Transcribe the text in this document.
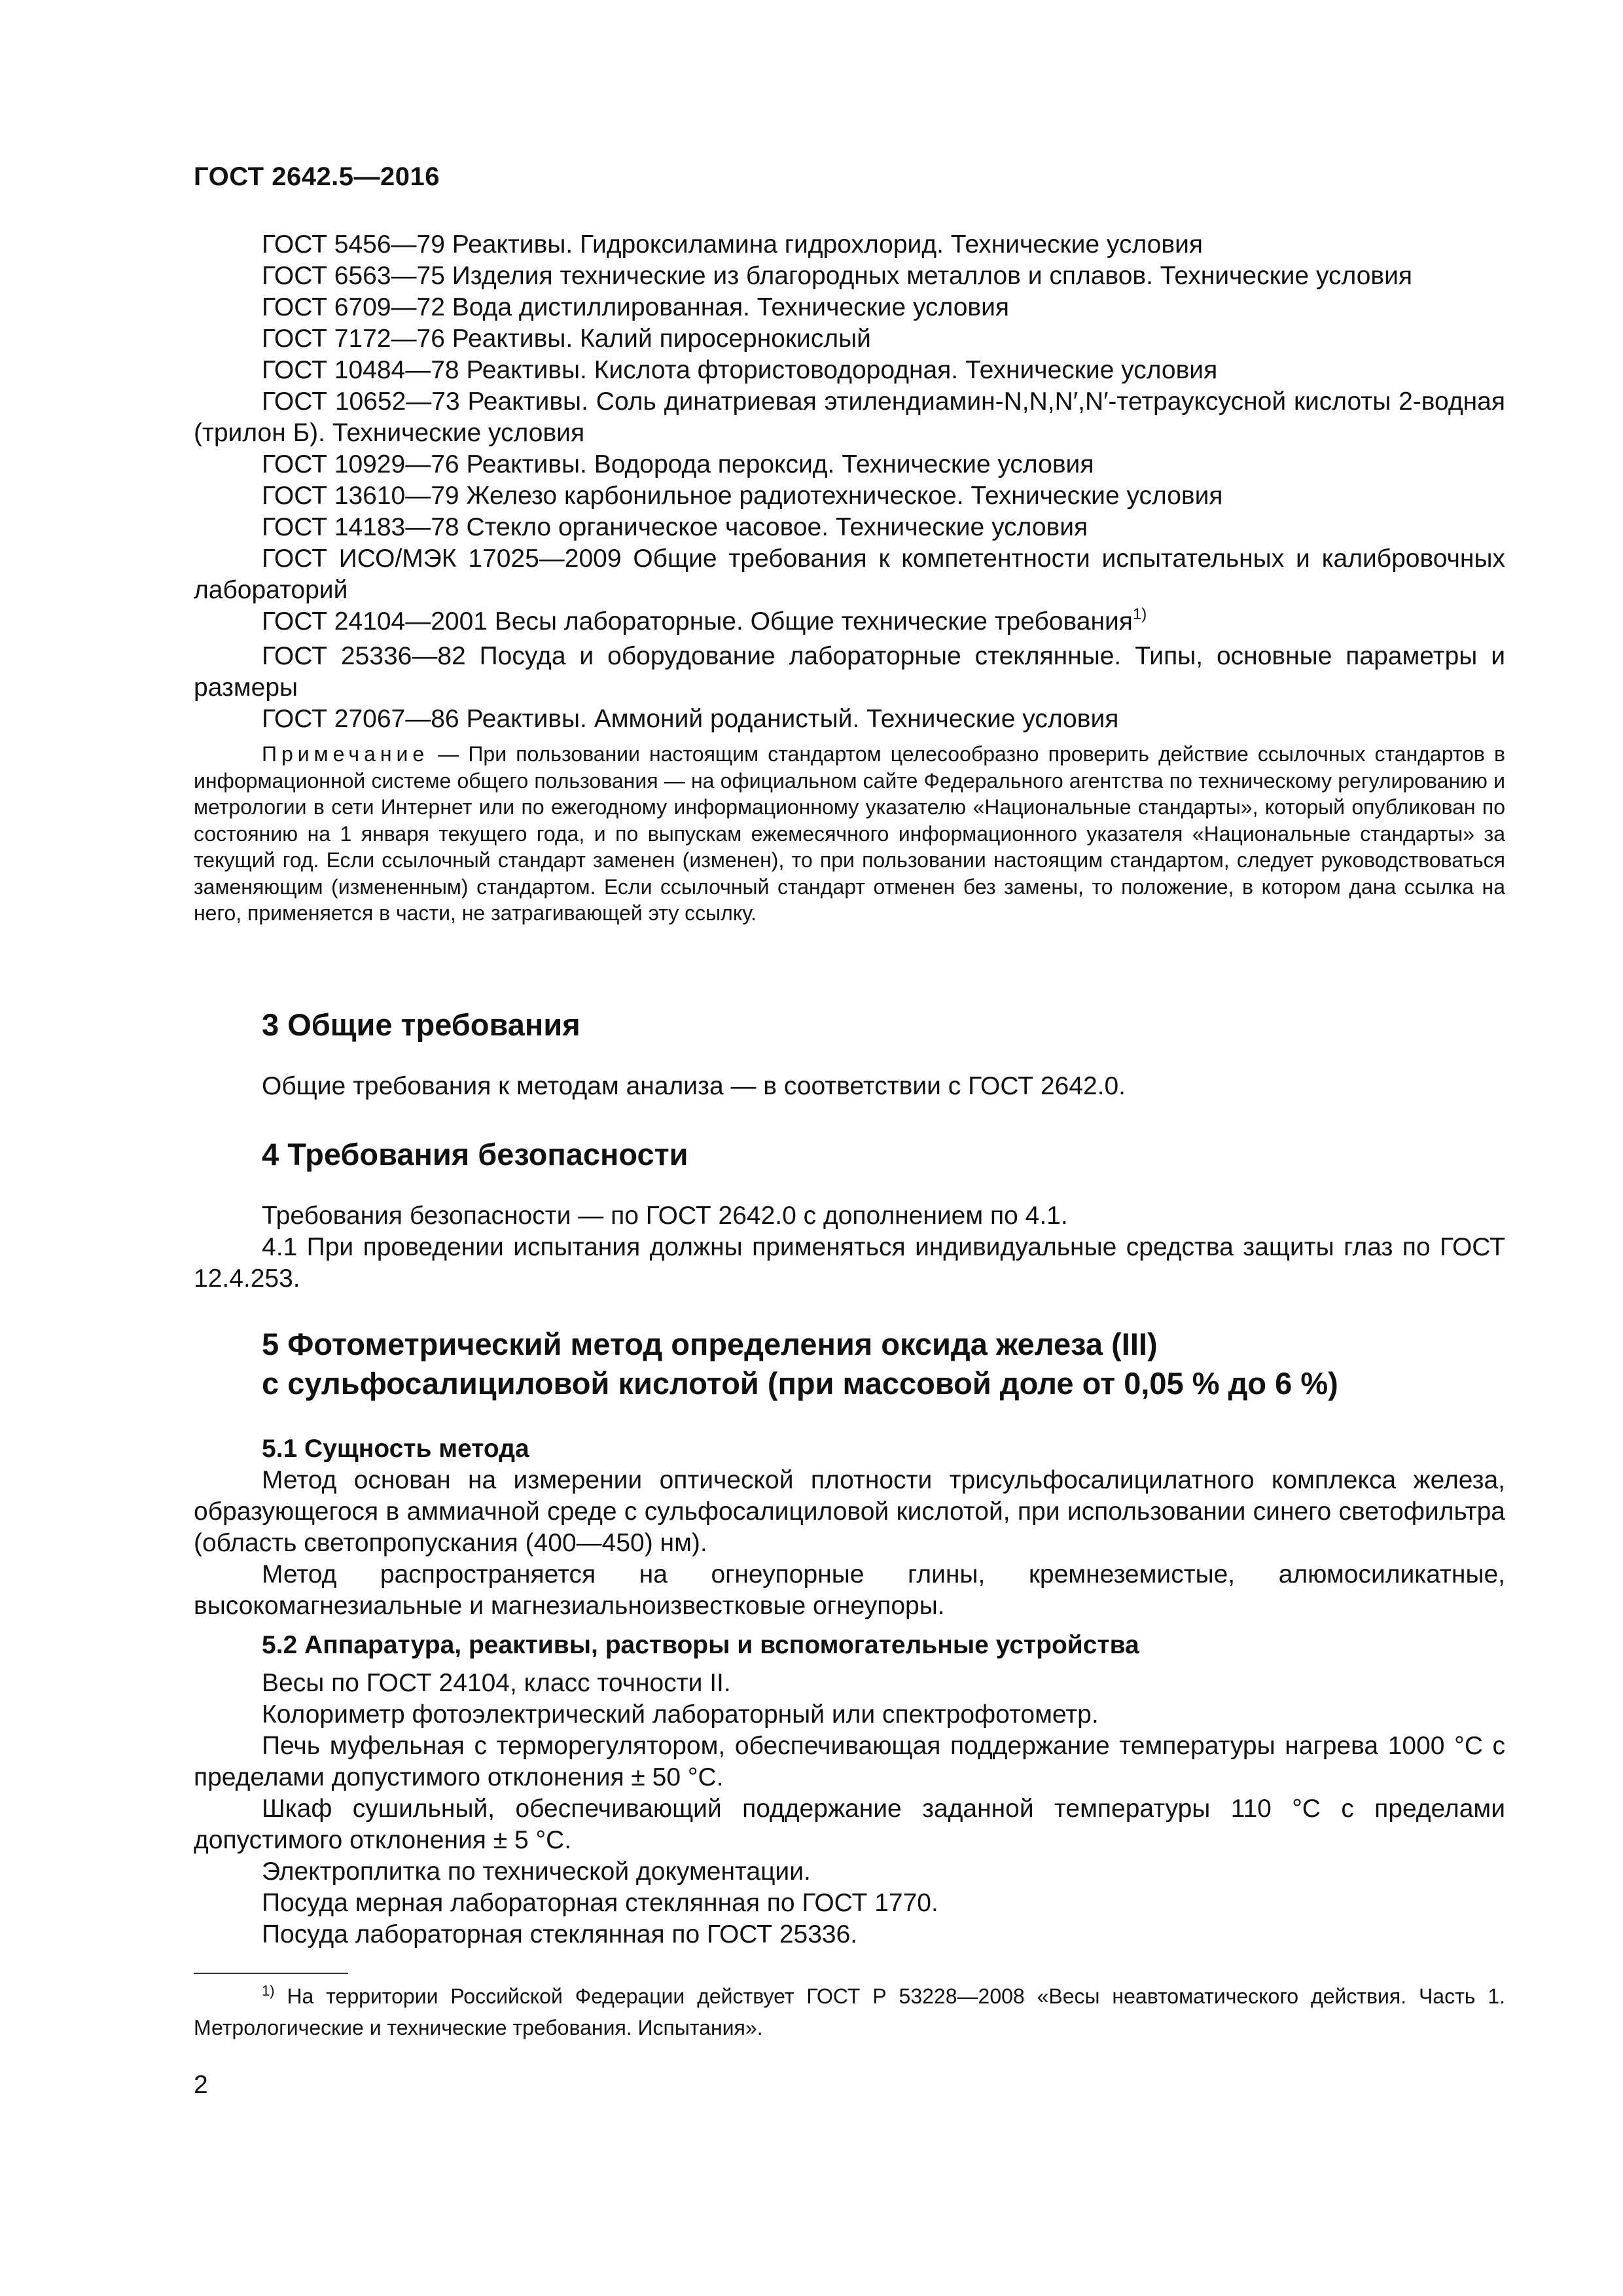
ГОСТ 2642.5—2016

ГОСТ 5456—79 Реактивы. Гидроксиламина гидрохлорид. Технические условия

ГОСТ 6563—75 Изделия технические из благородных металлов и сплавов. Технические условия

ГОСТ 6709—72 Вода дистиллированная. Технические условия

ГОСТ 7172—76 Реактивы. Калий пиросернокислый

ГОСТ 10484—78 Реактивы. Кислота фтористоводородная. Технические условия

ГОСТ 10652—73 Реактивы. Соль динатриевая этилендиамин-N,N,N′,N′-тетрауксусной кислоты 2-водная (трилон Б). Технические условия

ГОСТ 10929—76 Реактивы. Водорода пероксид. Технические условия

ГОСТ 13610—79 Железо карбонильное радиотехническое. Технические условия

ГОСТ 14183—78 Стекло органическое часовое. Технические условия

ГОСТ ИСО/МЭК 17025—2009 Общие требования к компетентности испытательных и калибровочных лабораторий

ГОСТ 24104—2001 Весы лабораторные. Общие технические требования$^{1)}$

ГОСТ 25336—82 Посуда и оборудование лабораторные стеклянные. Типы, основные параметры и размеры

ГОСТ 27067—86 Реактивы. Аммоний роданистый. Технические условия

Примечание — При пользовании настоящим стандартом целесообразно проверить действие ссылочных стандартов в информационной системе общего пользования — на официальном сайте Федерального агентства по техническому регулированию и метрологии в сети Интернет или по ежегодному информационному указателю «Национальные стандарты», который опубликован по состоянию на 1 января текущего года, и по выпускам ежемесячного информационного указателя «Национальные стандарты» за текущий год. Если ссылочный стандарт заменен (изменен), то при пользовании настоящим стандартом, следует руководствоваться заменяющим (измененным) стандартом. Если ссылочный стандарт отменен без замены, то положение, в котором дана ссылка на него, применяется в части, не затрагивающей эту ссылку.

3 Общие требования

Общие требования к методам анализа — в соответствии с ГОСТ 2642.0.

4 Требования безопасности

Требования безопасности — по ГОСТ 2642.0 с дополнением по 4.1.

4.1 При проведении испытания должны применяться индивидуальные средства защиты глаз по ГОСТ 12.4.253.

5 Фотометрический метод определения оксида железа (III)
с сульфосалициловой кислотой (при массовой доле от 0,05 % до 6 %)

5.1 Сущность метода

Метод основан на измерении оптической плотности трисульфосалицилатного комплекса железа, образующегося в аммиачной среде с сульфосалициловой кислотой, при использовании синего светофильтра (область светопропускания (400—450) нм).

Метод распространяется на огнеупорные глины, кремнеземистые, алюмосиликатные, высокомагнезиальные и магнезиальноизвестковые огнеупоры.

5.2 Аппаратура, реактивы, растворы и вспомогательные устройства

Весы по ГОСТ 24104, класс точности II.

Колориметр фотоэлектрический лабораторный или спектрофотометр.

Печь муфельная с терморегулятором, обеспечивающая поддержание температуры нагрева 1000 °С с пределами допустимого отклонения ± 50 °С.

Шкаф сушильный, обеспечивающий поддержание заданной температуры 110 °С с пределами допустимого отклонения ± 5 °С.

Электроплитка по технической документации.

Посуда мерная лабораторная стеклянная по ГОСТ 1770.

Посуда лабораторная стеклянная по ГОСТ 25336.

$^{1)}$ На территории Российской Федерации действует ГОСТ Р 53228—2008 «Весы неавтоматического действия. Часть 1. Метрологические и технические требования. Испытания».

2
